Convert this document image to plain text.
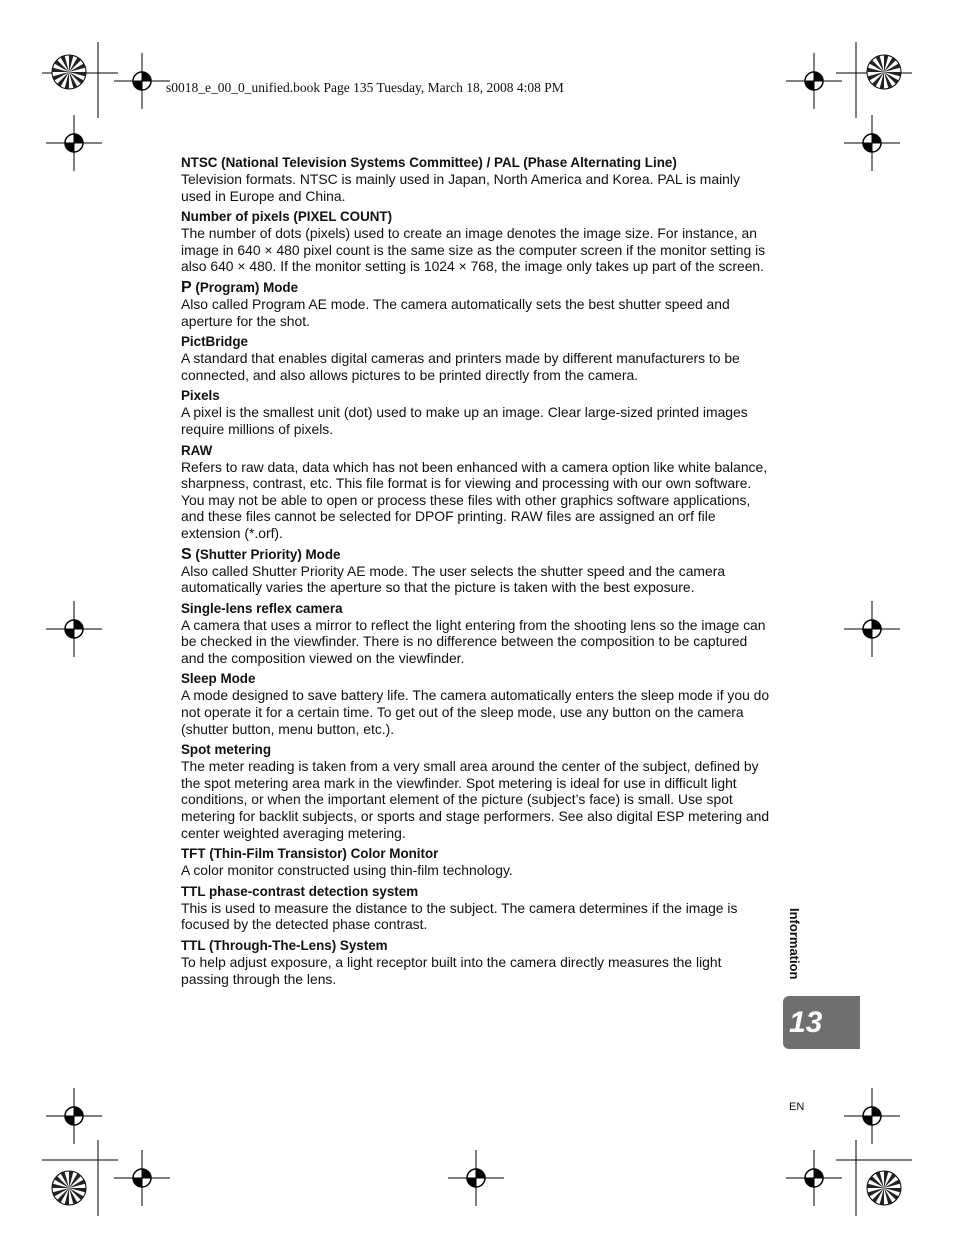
s0018_e_00_0_unified.book Page 135 Tuesday, March 18, 2008 4:08 PM
NTSC (National Television Systems Committee) / PAL (Phase Alternating Line)

Television formats. NTSC is mainly used in Japan, North America and Korea. PAL is mainly used in Europe and China.

Number of pixels (PIXEL COUNT)

The number of dots (pixels) used to create an image denotes the image size. For instance, an image in 640 × 480 pixel count is the same size as the computer screen if the monitor setting is also 640 × 480. If the monitor setting is 1024 × 768, the image only takes up part of the screen.

P (Program) Mode

Also called Program AE mode. The camera automatically sets the best shutter speed and aperture for the shot.

PictBridge

A standard that enables digital cameras and printers made by different manufacturers to be connected, and also allows pictures to be printed directly from the camera.

Pixels

A pixel is the smallest unit (dot) used to make up an image. Clear large-sized printed images require millions of pixels.

RAW

Refers to raw data, data which has not been enhanced with a camera option like white balance, sharpness, contrast, etc. This file format is for viewing and processing with our own software. You may not be able to open or process these files with other graphics software applications, and these files cannot be selected for DPOF printing. RAW files are assigned an orf file extension (*.orf).

S (Shutter Priority) Mode

Also called Shutter Priority AE mode. The user selects the shutter speed and the camera automatically varies the aperture so that the picture is taken with the best exposure.

Single-lens reflex camera

A camera that uses a mirror to reflect the light entering from the shooting lens so the image can be checked in the viewfinder. There is no difference between the composition to be captured and the composition viewed on the viewfinder.

Sleep Mode

A mode designed to save battery life. The camera automatically enters the sleep mode if you do not operate it for a certain time. To get out of the sleep mode, use any button on the camera (shutter button, menu button, etc.).

Spot metering

The meter reading is taken from a very small area around the center of the subject, defined by the spot metering area mark in the viewfinder. Spot metering is ideal for use in difficult light conditions, or when the important element of the picture (subject’s face) is small. Use spot metering for backlit subjects, or sports and stage performers. See also digital ESP metering and center weighted averaging metering.

TFT (Thin-Film Transistor) Color Monitor

A color monitor constructed using thin-film technology.

TTL phase-contrast detection system

This is used to measure the distance to the subject. The camera determines if the image is focused by the detected phase contrast.

TTL (Through-The-Lens) System

To help adjust exposure, a light receptor built into the camera directly measures the light passing through the lens.	Information
13
EN
